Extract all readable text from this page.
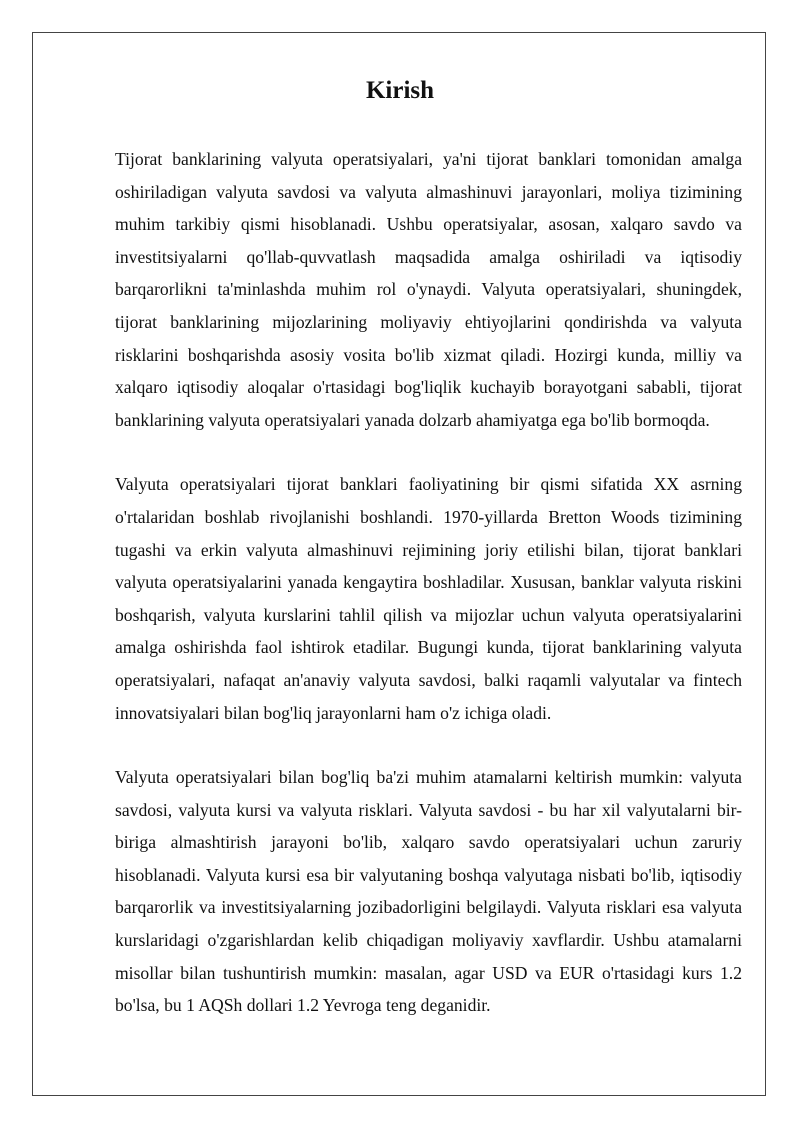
Kirish

Tijorat banklarining valyuta operatsiyalari, ya'ni tijorat banklari tomonidan amalga oshiriladigan valyuta savdosi va valyuta almashinuvi jarayonlari, moliya tizimining muhim tarkibiy qismi hisoblanadi. Ushbu operatsiyalar, asosan, xalqaro savdo va investitsiyalarni qo'llab-quvvatlash maqsadida amalga oshiriladi va iqtisodiy barqarorlikni ta'minlashda muhim rol o'ynaydi. Valyuta operatsiyalari, shuningdek, tijorat banklarining mijozlarining moliyaviy ehtiyojlarini qondirishda va valyuta risklarini boshqarishda asosiy vosita bo'lib xizmat qiladi. Hozirgi kunda, milliy va xalqaro iqtisodiy aloqalar o'rtasidagi bog'liqlik kuchayib borayotgani sababli, tijorat banklarining valyuta operatsiyalari yanada dolzarb ahamiyatga ega bo'lib bormoqda.

Valyuta operatsiyalari tijorat banklari faoliyatining bir qismi sifatida XX asrning o'rtalaridan boshlab rivojlanishi boshlandi. 1970-yillarda Bretton Woods tizimining tugashi va erkin valyuta almashinuvi rejimining joriy etilishi bilan, tijorat banklari valyuta operatsiyalarini yanada kengaytira boshladilar. Xususan, banklar valyuta riskini boshqarish, valyuta kurslarini tahlil qilish va mijozlar uchun valyuta operatsiyalarini amalga oshirishda faol ishtirok etadilar. Bugungi kunda, tijorat banklarining valyuta operatsiyalari, nafaqat an'anaviy valyuta savdosi, balki raqamli valyutalar va fintech innovatsiyalari bilan bog'liq jarayonlarni ham o'z ichiga oladi.

Valyuta operatsiyalari bilan bog'liq ba'zi muhim atamalarni keltirish mumkin: valyuta savdosi, valyuta kursi va valyuta risklari. Valyuta savdosi - bu har xil valyutalarni bir-biriga almashtirish jarayoni bo'lib, xalqaro savdo operatsiyalari uchun zaruriy hisoblanadi. Valyuta kursi esa bir valyutaning boshqa valyutaga nisbati bo'lib, iqtisodiy barqarorlik va investitsiyalarning jozibadorligini belgilaydi. Valyuta risklari esa valyuta kurslaridagi o'zgarishlardan kelib chiqadigan moliyaviy xavflardir. Ushbu atamalarni misollar bilan tushuntirish mumkin: masalan, agar USD va EUR o'rtasidagi kurs 1.2 bo'lsa, bu 1 AQSh dollari 1.2 Yevroga teng deganidir.
